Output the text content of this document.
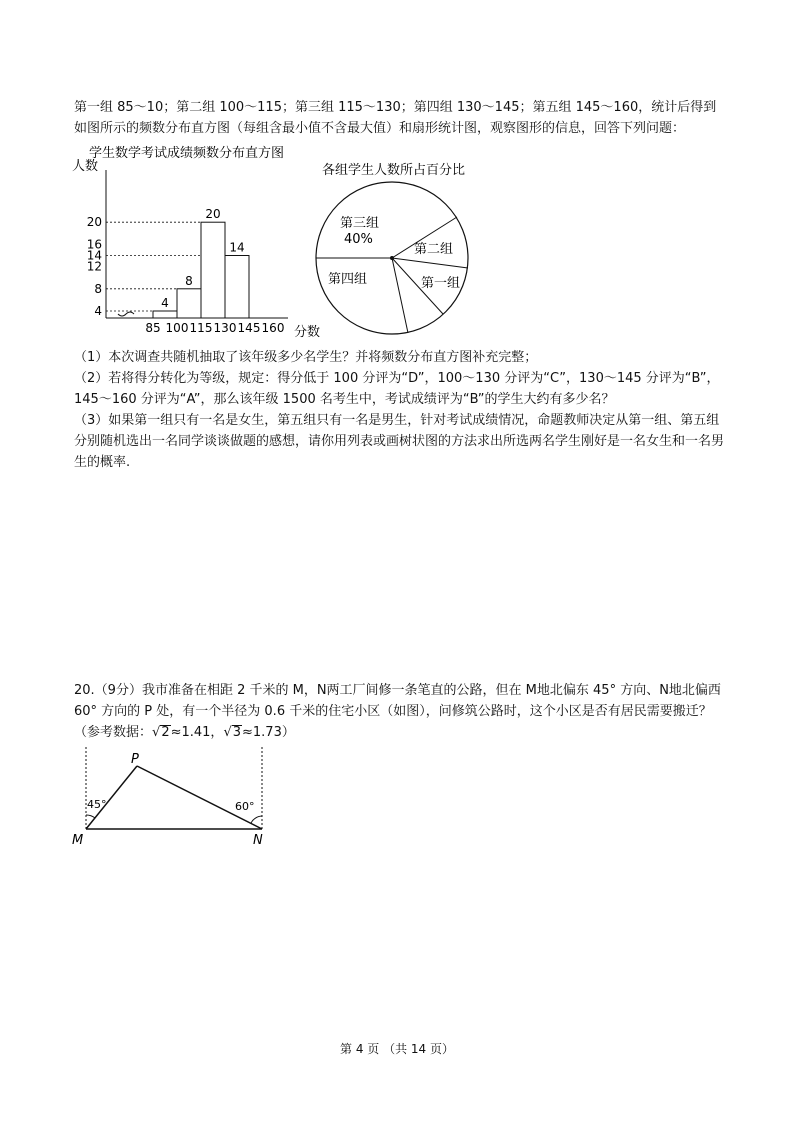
第一组 85～10；第二组 100～115；第三组 115～130；第四组 130～145；第五组 145～160，统计后得到如图所示的频数分布直方图（每组含最小值不含最大值）和扇形统计图，观察图形的信息，回答下列问题：
学生数学考试成绩频数分布直方图
人数
分数
4
8
12
14
16
20
85 100 115 130 145 160
4
8
20
14
各组学生人数所占百分比
第三组
40%
第二组
第一组
第四组
（1）本次调查共随机抽取了该年级多少名学生？并将频数分布直方图补充完整；
（2）若将得分转化为等级，规定：得分低于 100 分评为“D”，100～130 分评为“C”，130～145 分评为“B”，145～160 分评为“A”，那么该年级 1500 名考生中，考试成绩评为“B”的学生大约有多少名？
（3）如果第一组只有一名是女生，第五组只有一名是男生，针对考试成绩情况，命题教师决定从第一组、第五组分别随机选出一名同学谈谈做题的感想，请你用列表或画树状图的方法求出所选两名学生刚好是一名女生和一名男生的概率.
20.（9分）我市准备在相距 2 千米的 M，N两工厂间修一条笔直的公路，但在 M地北偏东 45° 方向、N地北偏西 60° 方向的 P 处，有一个半径为 0.6 千米的住宅小区（如图），问修筑公路时，这个小区是否有居民需要搬迁？（参考数据：√2≈1.41，√3≈1.73）
P
M	N
45°	60°
第 4 页 （共 14 页）
